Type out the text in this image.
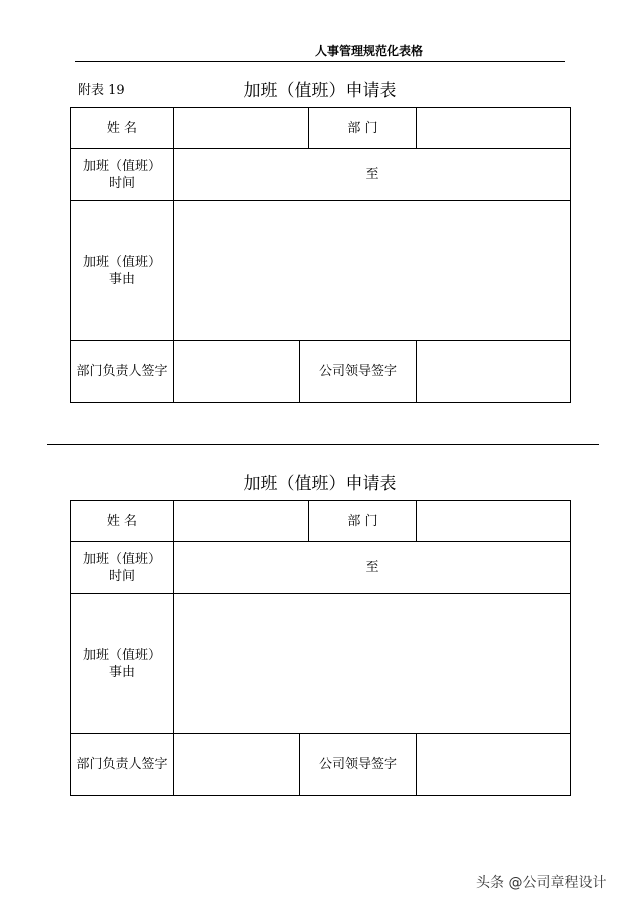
人事管理规范化表格
附表 19	加班（值班）申请表
姓 名			部 门	

加班（值班）
时间	至			

加班（值班）
事由				

部门负责人签字		公司领导签字		
加班（值班）申请表
姓 名			部 门	

加班（值班）
时间	至			

加班（值班）
事由				

部门负责人签字		公司领导签字		
头条 @公司章程设计
